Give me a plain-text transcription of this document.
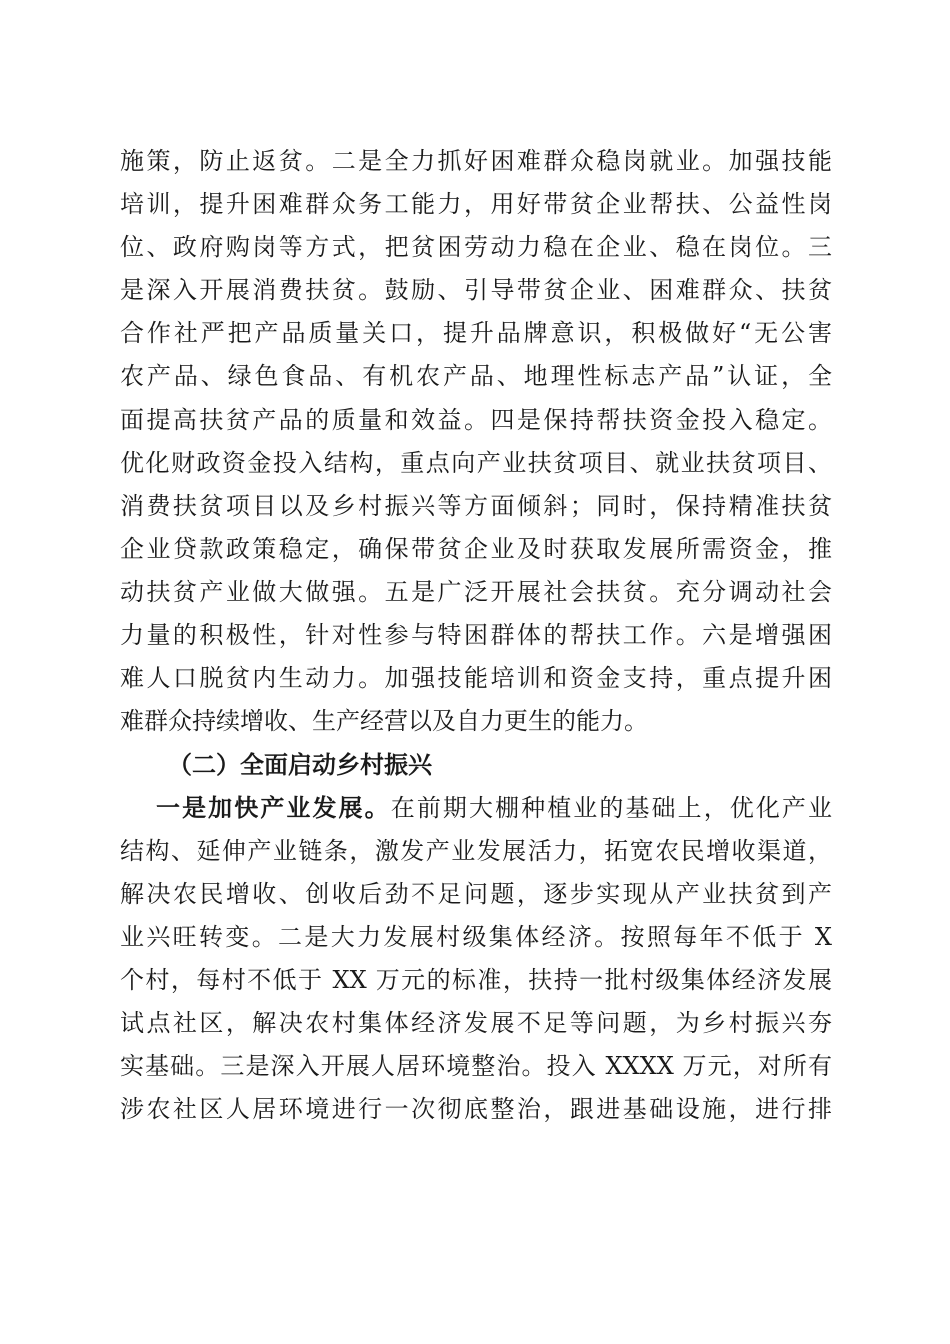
施策，防止返贫。二是全力抓好困难群众稳岗就业。加强技能
培训，提升困难群众务工能力，用好带贫企业帮扶、公益性岗
位、政府购岗等方式，把贫困劳动力稳在企业、稳在岗位。三
是深入开展消费扶贫。鼓励、引导带贫企业、困难群众、扶贫
合作社严把产品质量关口，提升品牌意识，积极做好“无公害
农产品、绿色食品、有机农产品、地理性标志产品”认证，全
面提高扶贫产品的质量和效益。四是保持帮扶资金投入稳定。
优化财政资金投入结构，重点向产业扶贫项目、就业扶贫项目、
消费扶贫项目以及乡村振兴等方面倾斜；同时，保持精准扶贫
企业贷款政策稳定，确保带贫企业及时获取发展所需资金，推
动扶贫产业做大做强。五是广泛开展社会扶贫。充分调动社会
力量的积极性，针对性参与特困群体的帮扶工作。六是增强困
难人口脱贫内生动力。加强技能培训和资金支持，重点提升困
难群众持续增收、生产经营以及自力更生的能力。
（二）全面启动乡村振兴
一是加快产业发展。在前期大棚种植业的基础上，优化产业
结构、延伸产业链条，激发产业发展活力，拓宽农民增收渠道，
解决农民增收、创收后劲不足问题，逐步实现从产业扶贫到产
业兴旺转变。二是大力发展村级集体经济。按照每年不低于 X
个村，每村不低于 XX 万元的标准，扶持一批村级集体经济发展
试点社区，解决农村集体经济发展不足等问题，为乡村振兴夯
实基础。三是深入开展人居环境整治。投入 XXXX 万元，对所有
涉农社区人居环境进行一次彻底整治，跟进基础设施，进行排
